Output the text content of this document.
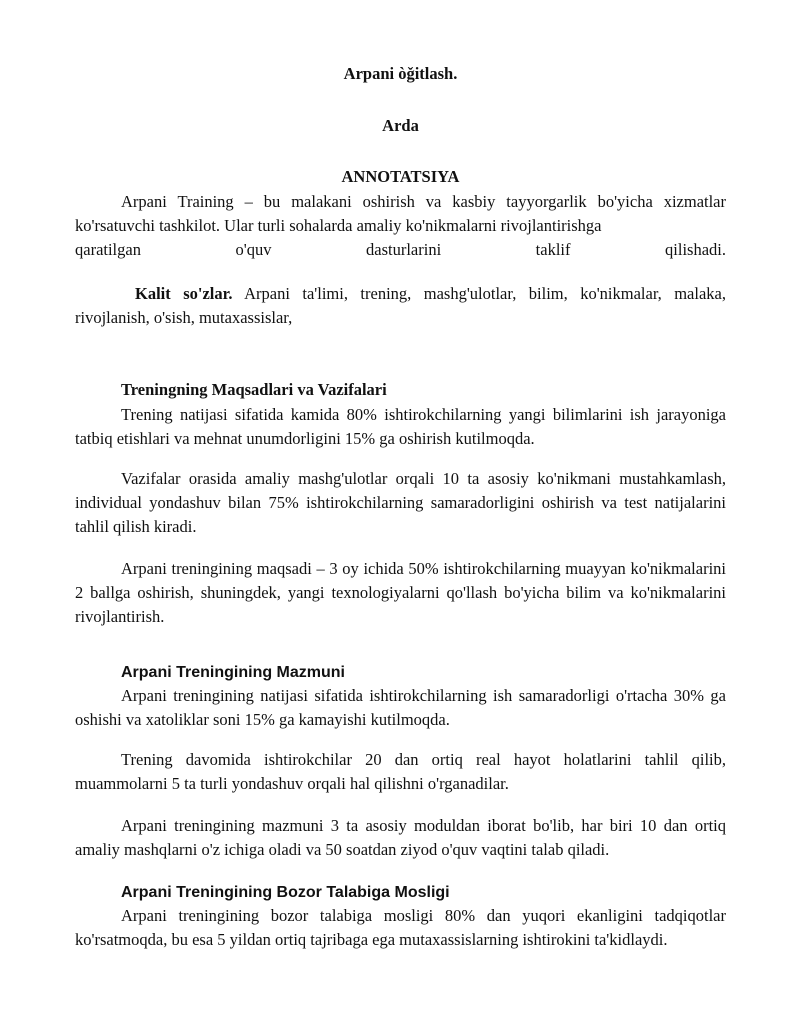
Arpani òǧitlash.
Arda
ANNOTATSIYA
Arpani Training – bu malakani oshirish va kasbiy tayyorgarlik bo'yicha xizmatlar ko'rsatuvchi tashkilot. Ular turli sohalarda amaliy ko'nikmalarni rivojlantirishga
qaratilgan o'quv dasturlarini taklif qilishadi.
Kalit so'zlar. Arpani ta'limi, trening, mashg'ulotlar, bilim, ko'nikmalar, malaka, rivojlanish, o'sish, mutaxassislar,
Treningning Maqsadlari va Vazifalari
Trening natijasi sifatida kamida 80% ishtirokchilarning yangi bilimlarini ish jarayoniga tatbiq etishlari va mehnat unumdorligini 15% ga oshirish kutilmoqda.
Vazifalar orasida amaliy mashg'ulotlar orqali 10 ta asosiy ko'nikmani mustahkamlash, individual yondashuv bilan 75% ishtirokchilarning samaradorligini oshirish va test natijalarini tahlil qilish kiradi.
Arpani treningining maqsadi – 3 oy ichida 50% ishtirokchilarning muayyan ko'nikmalarini 2 ballga oshirish, shuningdek, yangi texnologiyalarni qo'llash bo'yicha bilim va ko'nikmalarini rivojlantirish.
Arpani Treningining Mazmuni
Arpani treningining natijasi sifatida ishtirokchilarning ish samaradorligi o'rtacha 30% ga oshishi va xatoliklar soni 15% ga kamayishi kutilmoqda.
Trening davomida ishtirokchilar 20 dan ortiq real hayot holatlarini tahlil qilib, muammolarni 5 ta turli yondashuv orqali hal qilishni o'rganadilar.
Arpani treningining mazmuni 3 ta asosiy moduldan iborat bo'lib, har biri 10 dan ortiq amaliy mashqlarni o'z ichiga oladi va 50 soatdan ziyod o'quv vaqtini talab qiladi.
Arpani Treningining Bozor Talabiga Mosligi
Arpani treningining bozor talabiga mosligi 80% dan yuqori ekanligini tadqiqotlar ko'rsatmoqda, bu esa 5 yildan ortiq tajribaga ega mutaxassislarning ishtirokini ta'kidlaydi.
